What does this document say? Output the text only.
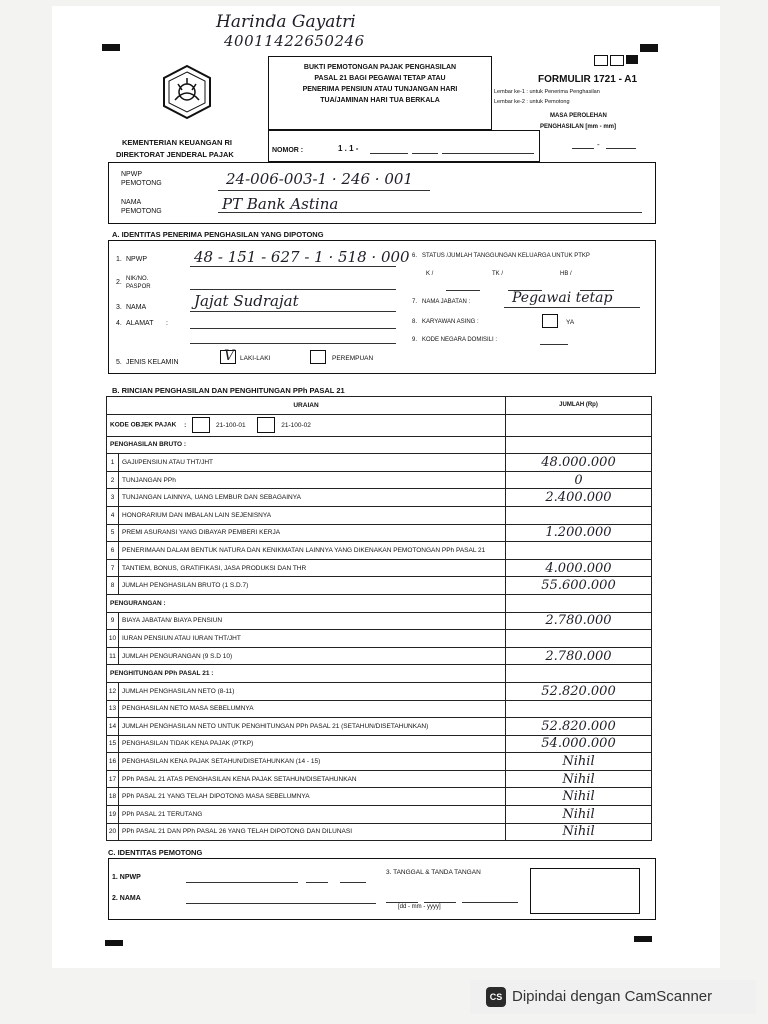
Harinda Gayatri
40011422650246
BUKTI PEMOTONGAN PAJAK PENGHASILAN
PASAL 21 BAGI PEGAWAI TETAP ATAU
PENERIMA PENSIUN ATAU TUNJANGAN HARI
TUA/JAMINAN HARI TUA BERKALA
FORMULIR 1721 - A1
Lembar ke-1 : untuk Penerima Penghasilan
Lembar ke-2 : untuk Pemotong
MASA PEROLEHAN
PENGHASILAN [mm - mm]
-
KEMENTERIAN KEUANGAN RI
DIREKTORAT JENDERAL PAJAK	NOMOR :	1 . 1 -
NPWP
PEMOTONG	24-006-003-1 · 246 · 001
NAMA
PEMOTONG	PT Bank Astina
A. IDENTITAS PENERIMA PENGHASILAN YANG DIPOTONG
1. NPWP	48 - 151 - 627 - 1 · 518 · 000
2. NIK/NO.
PASPOR
3. NAMA	Jajat Sudrajat
4. ALAMAT :
5. JENIS KELAMIN	V LAKI-LAKI	PEREMPUAN
6. STATUS /JUMLAH TANGGUNGAN KELUARGA UNTUK PTKP
K /	TK /	HB /
7. NAMA JABATAN :	Pegawai tetap
8. KARYAWAN ASING :	YA
9. KODE NEGARA DOMISILI :
B. RINCIAN PENGHASILAN DAN PENGHITUNGAN PPh PASAL 21
URAIAN		JUMLAH (Rp)
KODE OBJEK PAJAK : 21-100-01 21-100-02		
PENGHASILAN BRUTO :		
1	GAJI/PENSIUN ATAU THT/JHT	48.000.000
2	TUNJANGAN PPh	0
3	TUNJANGAN LAINNYA, UANG LEMBUR DAN SEBAGAINYA	2.400.000
4	HONORARIUM DAN IMBALAN LAIN SEJENISNYA	
5	PREMI ASURANSI YANG DIBAYAR PEMBERI KERJA	1.200.000
6	PENERIMAAN DALAM BENTUK NATURA DAN KENIKMATAN LAINNYA YANG DIKENAKAN PEMOTONGAN PPh PASAL 21	
7	TANTIEM, BONUS, GRATIFIKASI, JASA PRODUKSI DAN THR	4.000.000
8	JUMLAH PENGHASILAN BRUTO (1 S.D.7)	55.600.000
PENGURANGAN :		
9	BIAYA JABATAN/ BIAYA PENSIUN	2.780.000
10	IURAN PENSIUN ATAU IURAN THT/JHT	
11	JUMLAH PENGURANGAN (9 S.D 10)	2.780.000
PENGHITUNGAN PPh PASAL 21 :		
12	JUMLAH PENGHASILAN NETO (8-11)	52.820.000
13	PENGHASILAN NETO MASA SEBELUMNYA	
14	JUMLAH PENGHASILAN NETO UNTUK PENGHITUNGAN PPh PASAL 21 (SETAHUN/DISETAHUNKAN)	52.820.000
15	PENGHASILAN TIDAK KENA PAJAK (PTKP)	54.000.000
16	PENGHASILAN KENA PAJAK SETAHUN/DISETAHUNKAN (14 - 15)	Nihil
17	PPh PASAL 21 ATAS PENGHASILAN KENA PAJAK SETAHUN/DISETAHUNKAN	Nihil
18	PPh PASAL 21 YANG TELAH DIPOTONG MASA SEBELUMNYA	Nihil
19	PPh PASAL 21 TERUTANG	Nihil
20	PPh PASAL 21 DAN PPh PASAL 26 YANG TELAH DIPOTONG DAN DILUNASI	Nihil
C. IDENTITAS PEMOTONG
1. NPWP
2. NAMA
3. TANGGAL & TANDA TANGAN
[dd - mm - yyyy]
CS Dipindai dengan CamScanner
